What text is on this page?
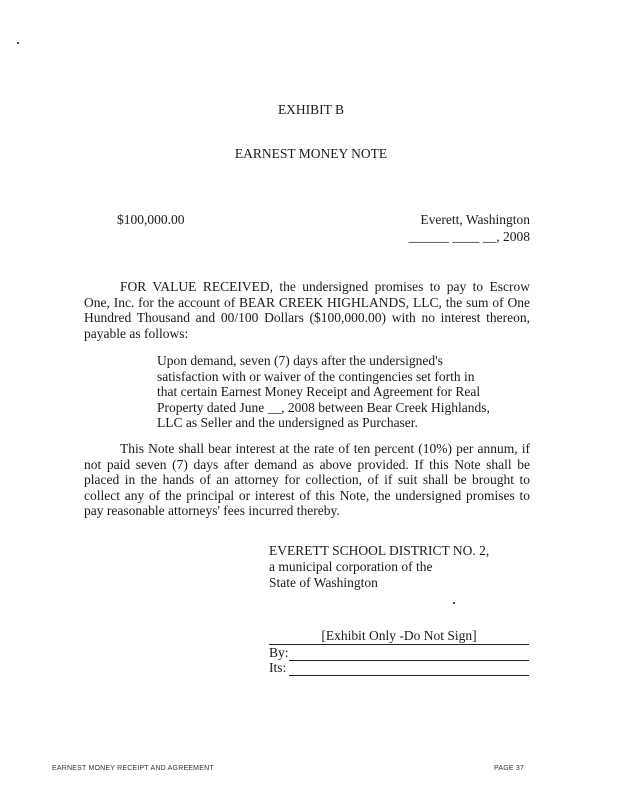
EXHIBIT B
EARNEST MONEY NOTE
$100,000.00	Everett, Washington
______ ____ __, 2008
FOR VALUE RECEIVED, the undersigned promises to pay to Escrow One, Inc. for the account of BEAR CREEK HIGHLANDS, LLC, the sum of One Hundred Thousand and 00/100 Dollars ($100,000.00) with no interest thereon, payable as follows:
Upon demand, seven (7) days after the undersigned's satisfaction with or waiver of the contingencies set forth in that certain Earnest Money Receipt and Agreement for Real Property dated June __, 2008 between Bear Creek Highlands, LLC as Seller and the undersigned as Purchaser.
This Note shall bear interest at the rate of ten percent (10%) per annum, if not paid seven (7) days after demand as above provided. If this Note shall be placed in the hands of an attorney for collection, of if suit shall be brought to collect any of the principal or interest of this Note, the undersigned promises to pay reasonable attorneys' fees incurred thereby.
EVERETT SCHOOL DISTRICT NO. 2,
a municipal corporation of the
State of Washington
[Exhibit Only -Do Not Sign]
By:
Its:
EARNEST MONEY RECEIPT AND AGREEMENT	PAGE 37
